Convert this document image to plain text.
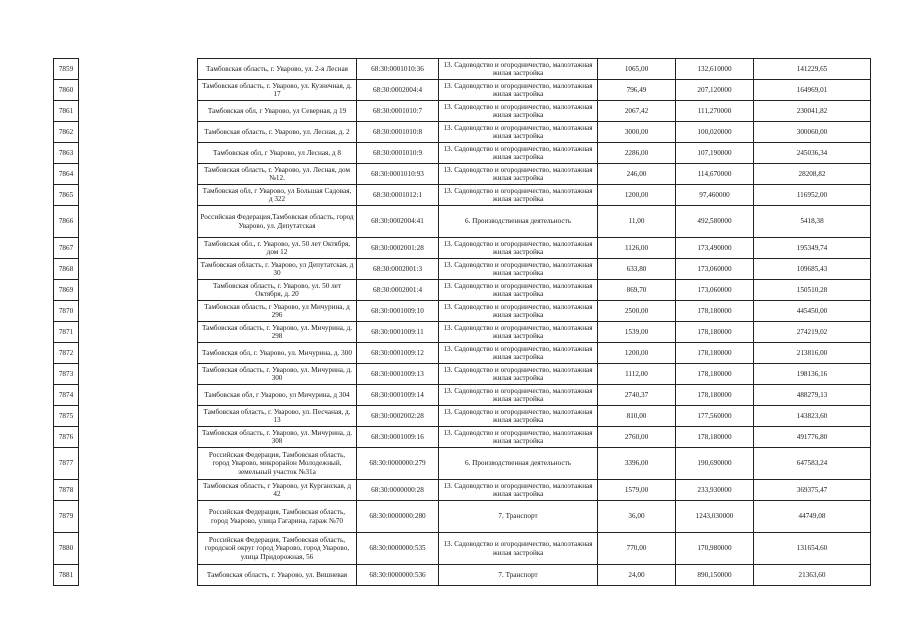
7859		Тамбовская область, г. Уварово, ул. 2-я Лесная	68:30:0001010:36	13. Садоводство и огородничество, малоэтажная жилая застройка	1065,00	132,610000	141229,65
7860		Тамбовская область, г. Уварово, ул. Кузнечная, д. 17	68:30:0002004:4	13. Садоводство и огородничество, малоэтажная жилая застройка	796,49	207,120000	164969,01
7861		Тамбовская обл, г Уварово, ул Северная, д 19	68:30:0001010:7	13. Садоводство и огородничество, малоэтажная жилая застройка	2067,42	111,270000	230041,82
7862		Тамбовская область, г. Уварово, ул. Лесная, д. 2	68:30:0001010:8	13. Садоводство и огородничество, малоэтажная жилая застройка	3000,00	100,020000	300060,00
7863		Тамбовская обл, г Уварово, ул Лесная, д 8	68:30:0001010:9	13. Садоводство и огородничество, малоэтажная жилая застройка	2286,00	107,190000	245036,34
7864		Тамбовская область, г. Уварово, ул. Лесная, дом №12.	68:30:0001010:93	13. Садоводство и огородничество, малоэтажная жилая застройка	246,00	114,670000	28208,82
7865		Тамбовская обл, г Уварово, ул Большая Садовая, д 322	68:30:0001012:1	13. Садоводство и огородничество, малоэтажная жилая застройка	1200,00	97,460000	116952,00
7866		Российская Федерация,Тамбовская область, город Уварово, ул. Депутатская	68:30:0002004:41	6. Производственная деятельность	11,00	492,580000	5418,38
7867		Тамбовская обл., г. Уварово, ул. 50 лет Октября, дом 12	68:30:0002001:28	13. Садоводство и огородничество, малоэтажная жилая застройка	1126,00	173,490000	195349,74
7868		Тамбовская область, г. Уварово, ул Депутатская, д 30	68:30:0002001:3	13. Садоводство и огородничество, малоэтажная жилая застройка	633,80	173,060000	109685,43
7869		Тамбовская область, г. Уварово, ул. 50 лет Октября, д. 20	68:30:0002001:4	13. Садоводство и огородничество, малоэтажная жилая застройка	869,70	173,060000	150510,28
7870		Тамбовская область, г Уварово, ул Мичурина, д 296	68:30:0001009:10	13. Садоводство и огородничество, малоэтажная жилая застройка	2500,00	178,180000	445450,00
7871		Тамбовская область, г. Уварово, ул. Мичурина, д. 298	68:30:0001009:11	13. Садоводство и огородничество, малоэтажная жилая застройка	1539,00	178,180000	274219,02
7872		Тамбовская обл, г. Уварово, ул. Мичурина, д. 300	68:30:0001009:12	13. Садоводство и огородничество, малоэтажная жилая застройка	1200,00	178,180000	213816,00
7873		Тамбовская область, г. Уварово, ул. Мичурина, д. 300	68:30:0001009:13	13. Садоводство и огородничество, малоэтажная жилая застройка	1112,00	178,180000	198136,16
7874		Тамбовская обл, г Уварово, ул Мичурина, д 304	68:30:0001009:14	13. Садоводство и огородничество, малоэтажная жилая застройка	2740,37	178,180000	488279,13
7875		Тамбовская область, г. Уварово, ул. Песчаная, д. 13	68:30:0002002:28	13. Садоводство и огородничество, малоэтажная жилая застройка	810,00	177,560000	143823,60
7876		Тамбовская область, г. Уварово, ул. Мичурина, д. 308	68:30:0001009:16	13. Садоводство и огородничество, малоэтажная жилая застройка	2760,00	178,180000	491776,80
7877		Российская Федерация, Тамбовская область, город Уварово, микрорайон Молодежный, земельный участок №31а	68:30:0000000:279	6. Производственная деятельность	3396,00	190,690000	647583,24
7878		Тамбовская область, г Уварово, ул Курганская, д 42	68:30:0000000:28	13. Садоводство и огородничество, малоэтажная жилая застройка	1579,00	233,930000	369375,47
7879		Российская Федерация, Тамбовская область, город Уварово, улица Гагарина, гараж №70	68:30:0000000:280	7. Транспорт	36,00	1243,030000	44749,08
7880		Российская Федерация, Тамбовская область, городской округ город Уварово, город Уварово, улица Придорожная, 56	68:30:0000000:535	13. Садоводство и огородничество, малоэтажная жилая застройка	770,00	170,980000	131654,60
7881		Тамбовская область, г. Уварово, ул. Вишневая	68:30:0000000:536	7. Транспорт	24,00	890,150000	21363,60
